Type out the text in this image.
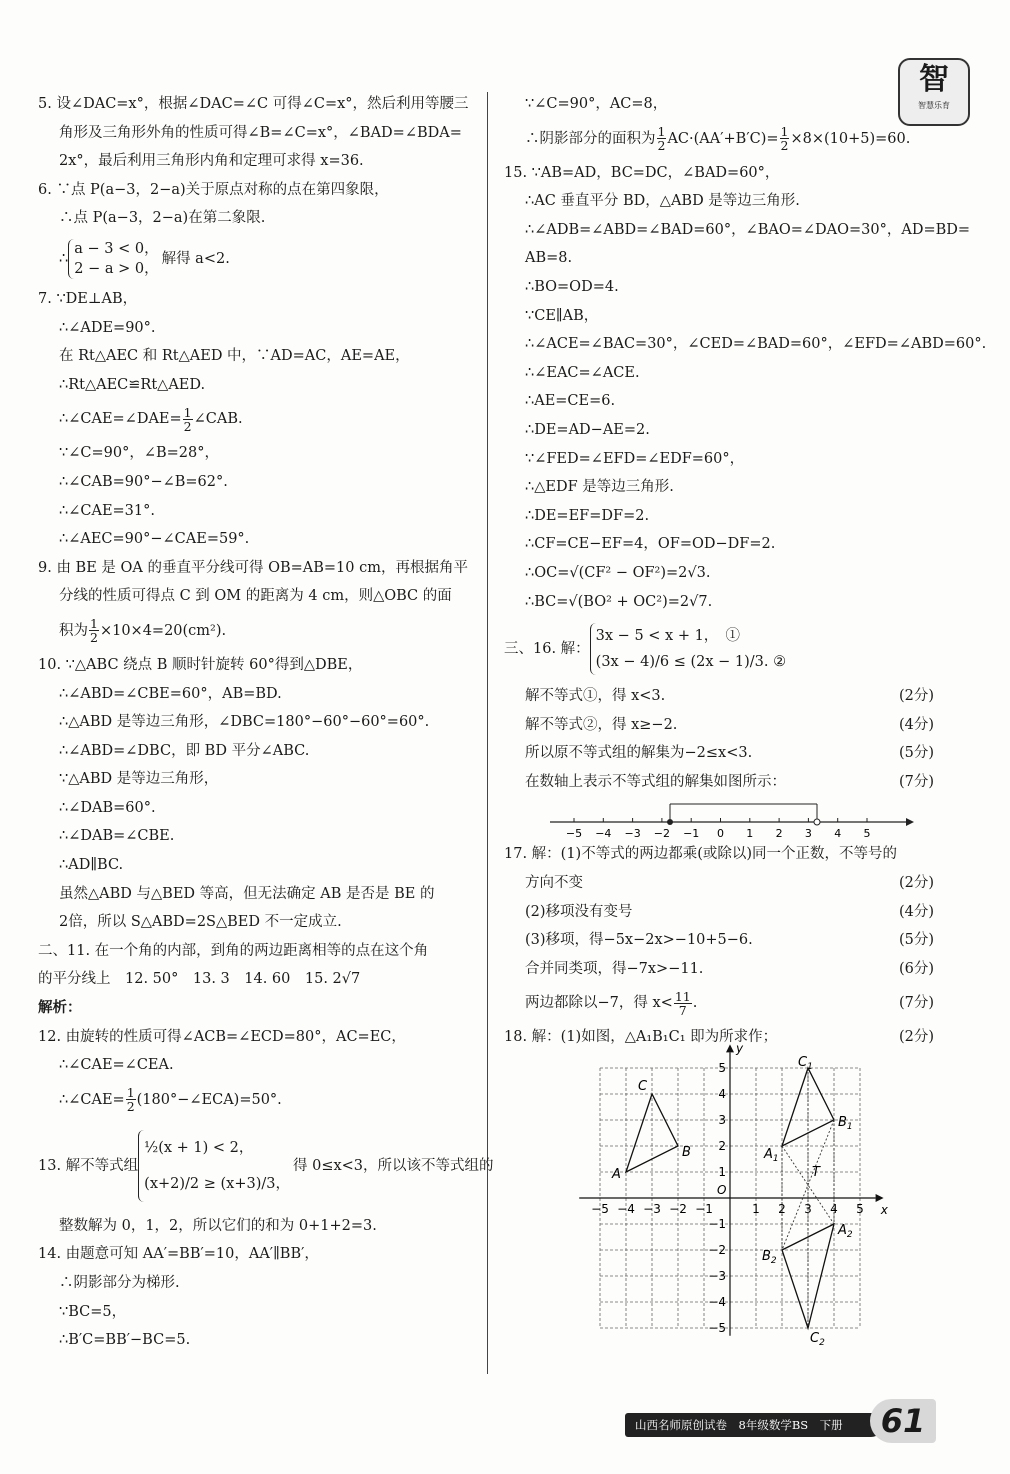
智
智慧乐育
5. 设∠DAC=x°，根据∠DAC=∠C 可得∠C=x°，然后利用等腰三
角形及三角形外角的性质可得∠B=∠C=x°，∠BAD=∠BDA=
2x°，最后利用三角形内角和定理可求得 x=36.
6. ∵点 P(a−3，2−a)关于原点对称的点在第四象限，
∴点 P(a−3，2−a)在第二象限.
∴a − 3 < 0，
2 − a > 0，解得 a<2.
7. ∵DE⊥AB，
∴∠ADE=90°.
在 Rt△AEC 和 Rt△AED 中，∵AD=AC，AE=AE，
∴Rt△AEC≌Rt△AED.
∴∠CAE=∠DAE= $\frac{1}{2}$ ∠CAB.
∵∠C=90°，∠B=28°，
∴∠CAB=90°−∠B=62°.
∴∠CAE=31°.
∴∠AEC=90°−∠CAE=59°.
9. 由 BE 是 OA 的垂直平分线可得 OB=AB=10 cm，再根据角平
分线的性质可得点 C 到 OM 的距离为 4 cm，则△OBC 的面
积为 $\frac{1}{2} \times 10\times 4=20(cm^2)$.
10. ∵△ABC 绕点 B 顺时针旋转 60°得到△DBE，
∴∠ABD=∠CBE=60°，AB=BD.
∴△ABD 是等边三角形，∠DBC=180°−60°−60°=60°.
∴∠ABD=∠DBC，即 BD 平分∠ABC.
∵△ABD 是等边三角形，
∴∠DAB=60°.
∴∠DAB=∠CBE.
∴AD∥BC.
虽然△ABD 与△BED 等高，但无法确定 AB 是否是 BE 的
2倍，所以 S△ABD=2S△BED 不一定成立.
二、11. 在一个角的内部，到角的两边距离相等的点在这个角
的平分线上　12. 50°　13. 3　14. 60　15. 2√7
解析：
12. 由旋转的性质可得∠ACB=∠ECD=80°，AC=EC，
∴∠CAE=∠CEA.
∴∠CAE= $\frac{1}{2}$ (180°−∠ECA)=50°.
13. 解不等式组½(x + 1) < 2，
(x+2)/2 ≥ (x+3)/3，得 0≤x<3，所以该不等式组的
整数解为 0，1，2，所以它们的和为 0+1+2=3.
14. 由题意可知 AA′=BB′=10，AA′∥BB′，
∴阴影部分为梯形.
∵BC=5，
∴B′C=BB′−BC=5.
∵∠C=90°，AC=8，
∴阴影部分的面积为 $\frac{1}{2} AC\cdot(AA'+B'C)= \frac{1}{2} \times 8\times(10+5)=60$.
15. ∵AB=AD，BC=DC，∠BAD=60°，
∴AC 垂直平分 BD，△ABD 是等边三角形.
∴∠ADB=∠ABD=∠BAD=60°，∠BAO=∠DAO=30°，AD=BD=
AB=8.
∴BO=OD=4.
∵CE∥AB，
∴∠ACE=∠BAC=30°，∠CED=∠BAD=60°，∠EFD=∠ABD=60°.
∴∠EAC=∠ACE.
∴AE=CE=6.
∴DE=AD−AE=2.
∵∠FED=∠EFD=∠EDF=60°，
∴△EDF 是等边三角形.
∴DE=EF=DF=2.
∴CF=CE−EF=4，OF=OD−DF=2.
∴OC=√(CF² − OF²)=2√3.
∴BC=√(BO² + OC²)=2√7.
三、16. 解：3x − 5 < x + 1，　①
(3x − 4)/6 ≤ (2x − 1)/3. ②
解不等式①，得 x<3.	(2分)
解不等式②，得 x≥−2.	(4分)
所以原不等式组的解集为−2≤x<3.	(5分)
在数轴上表示不等式组的解集如图所示：	(7分)
−5 −4 −3 −2 −1 0 1 2 3 4 5
17. 解：(1)不等式的两边都乘(或除以)同一个正数，不等号的
方向不变	(2分)
(2)移项没有变号	(4分)
(3)移项，得−5x−2x>−10+5−6.	(5分)
合并同类项，得−7x>−11.	(6分)
两边都除以−7，得 $x< \frac{11}{7}$ .	(7分)
18. 解：(1)如图，△A₁B₁C₁ 即为所求作；	(2分)
x
y
O
−5 −4 −3 −2 −1	1 2 3 4 5
5
4
3
2
1
−1
−2
−3
−4
−5
A
B
C
$A_1$
$B_1$
$C_1$
$A_2$
$B_2$
$C_2$
T
山西名师原创试卷　8年级数学BS　下册	61
